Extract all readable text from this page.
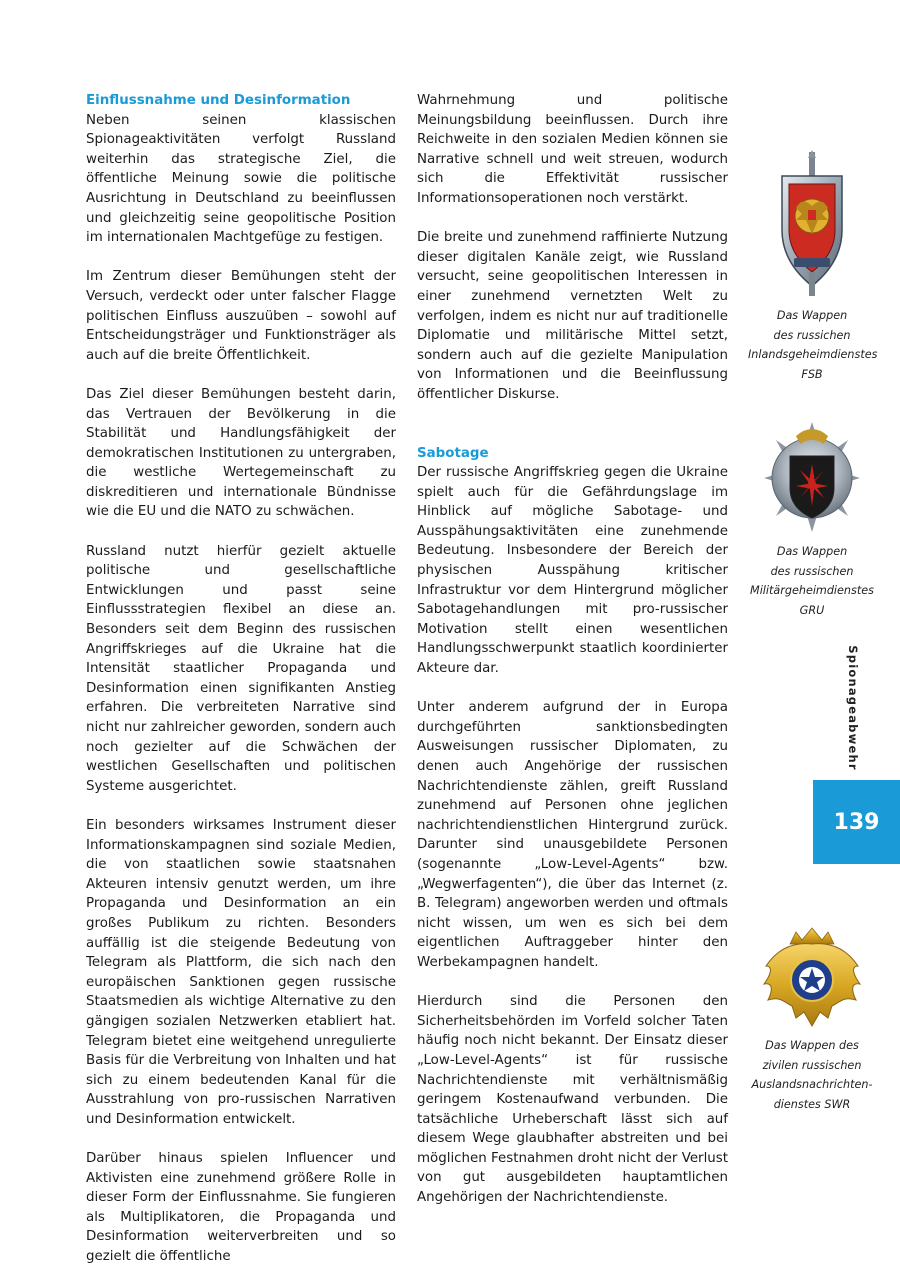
Einflussnahme und Desinformation

Neben seinen klassischen Spionageaktivitäten verfolgt Russland weiterhin das strategische Ziel, die öffentliche Meinung sowie die politische Ausrichtung in Deutschland zu beeinflussen und gleichzeitig seine geopolitische Position im internationalen Machtgefüge zu festigen.

Im Zentrum dieser Bemühungen steht der Versuch, verdeckt oder unter falscher Flagge politischen Einfluss auszuüben – sowohl auf Entscheidungsträger und Funktionsträger als auch auf die breite Öffentlichkeit.

Das Ziel dieser Bemühungen besteht darin, das Vertrauen der Bevölkerung in die Stabilität und Handlungsfähigkeit der demokratischen Institutionen zu untergraben, die westliche Wertegemeinschaft zu diskreditieren und internationale Bündnisse wie die EU und die NATO zu schwächen.

Russland nutzt hierfür gezielt aktuelle politische und gesellschaftliche Entwicklungen und passt seine Einflussstrategien flexibel an diese an. Besonders seit dem Beginn des russischen Angriffskrieges auf die Ukraine hat die Intensität staatlicher Propaganda und Desinformation einen signifikanten Anstieg erfahren. Die verbreiteten Narrative sind nicht nur zahlreicher geworden, sondern auch noch gezielter auf die Schwächen der westlichen Gesellschaften und politischen Systeme ausgerichtet.

Ein besonders wirksames Instrument dieser Informationskampagnen sind soziale Medien, die von staatlichen sowie staatsnahen Akteuren intensiv genutzt werden, um ihre Propaganda und Desinformation an ein großes Publikum zu richten. Besonders auffällig ist die steigende Bedeutung von Telegram als Plattform, die sich nach den europäischen Sanktionen gegen russische Staatsmedien als wichtige Alternative zu den gängigen sozialen Netzwerken etabliert hat. Telegram bietet eine weitgehend unregulierte Basis für die Verbreitung von Inhalten und hat sich zu einem bedeutenden Kanal für die Ausstrahlung von pro-russischen Narrativen und Desinformation entwickelt.

Darüber hinaus spielen Influencer und Aktivisten eine zunehmend größere Rolle in dieser Form der Einflussnahme. Sie fungieren als Multiplikatoren, die Propaganda und Desinformation weiterverbreiten und so gezielt die öffentliche

Wahrnehmung und politische Meinungsbildung beeinflussen. Durch ihre Reichweite in den sozialen Medien können sie Narrative schnell und weit streuen, wodurch sich die Effektivität russischer Informationsoperationen noch verstärkt.

Die breite und zunehmend raffinierte Nutzung dieser digitalen Kanäle zeigt, wie Russland versucht, seine geopolitischen Interessen in einer zunehmend vernetzten Welt zu verfolgen, indem es nicht nur auf traditionelle Diplomatie und militärische Mittel setzt, sondern auch auf die gezielte Manipulation von Informationen und die Beeinflussung öffentlicher Diskurse.

Sabotage

Der russische Angriffskrieg gegen die Ukraine spielt auch für die Gefährdungslage im Hinblick auf mögliche Sabotage- und Ausspähungsaktivitäten eine zunehmende Bedeutung. Insbesondere der Bereich der physischen Ausspähung kritischer Infrastruktur vor dem Hintergrund möglicher Sabotagehandlungen mit pro-russischer Motivation stellt einen wesentlichen Handlungsschwerpunkt staatlich koordinierter Akteure dar.

Unter anderem aufgrund der in Europa durchgeführten sanktionsbedingten Ausweisungen russischer Diplomaten, zu denen auch Angehörige der russischen Nachrichtendienste zählen, greift Russland zunehmend auf Personen ohne jeglichen nachrichtendienstlichen Hintergrund zurück. Darunter sind unausgebildete Personen (sogenannte „Low-Level-Agents“ bzw. „Wegwerfagenten“), die über das Internet (z. B. Telegram) angeworben werden und oftmals nicht wissen, um wen es sich bei dem eigentlichen Auftraggeber hinter den Werbekampagnen handelt.

Hierdurch sind die Personen den Sicherheitsbehörden im Vorfeld solcher Taten häufig noch nicht bekannt. Der Einsatz dieser „Low-Level-Agents“ ist für russische Nachrichtendienste mit verhältnismäßig geringem Kostenaufwand verbunden. Die tatsächliche Urheberschaft lässt sich auf diesem Wege glaubhafter abstreiten und bei möglichen Festnahmen droht nicht der Verlust von gut ausgebildeten hauptamtlichen Angehörigen der Nachrichtendienste.

Das Wappen
des russichen
Inlandsgeheimdienstes
FSB
Das Wappen
des russischen
Militärgeheimdienstes
GRU
Spionageabwehr
139
Das Wappen des
zivilen russischen
Auslandsnachrichten-
dienstes SWR
